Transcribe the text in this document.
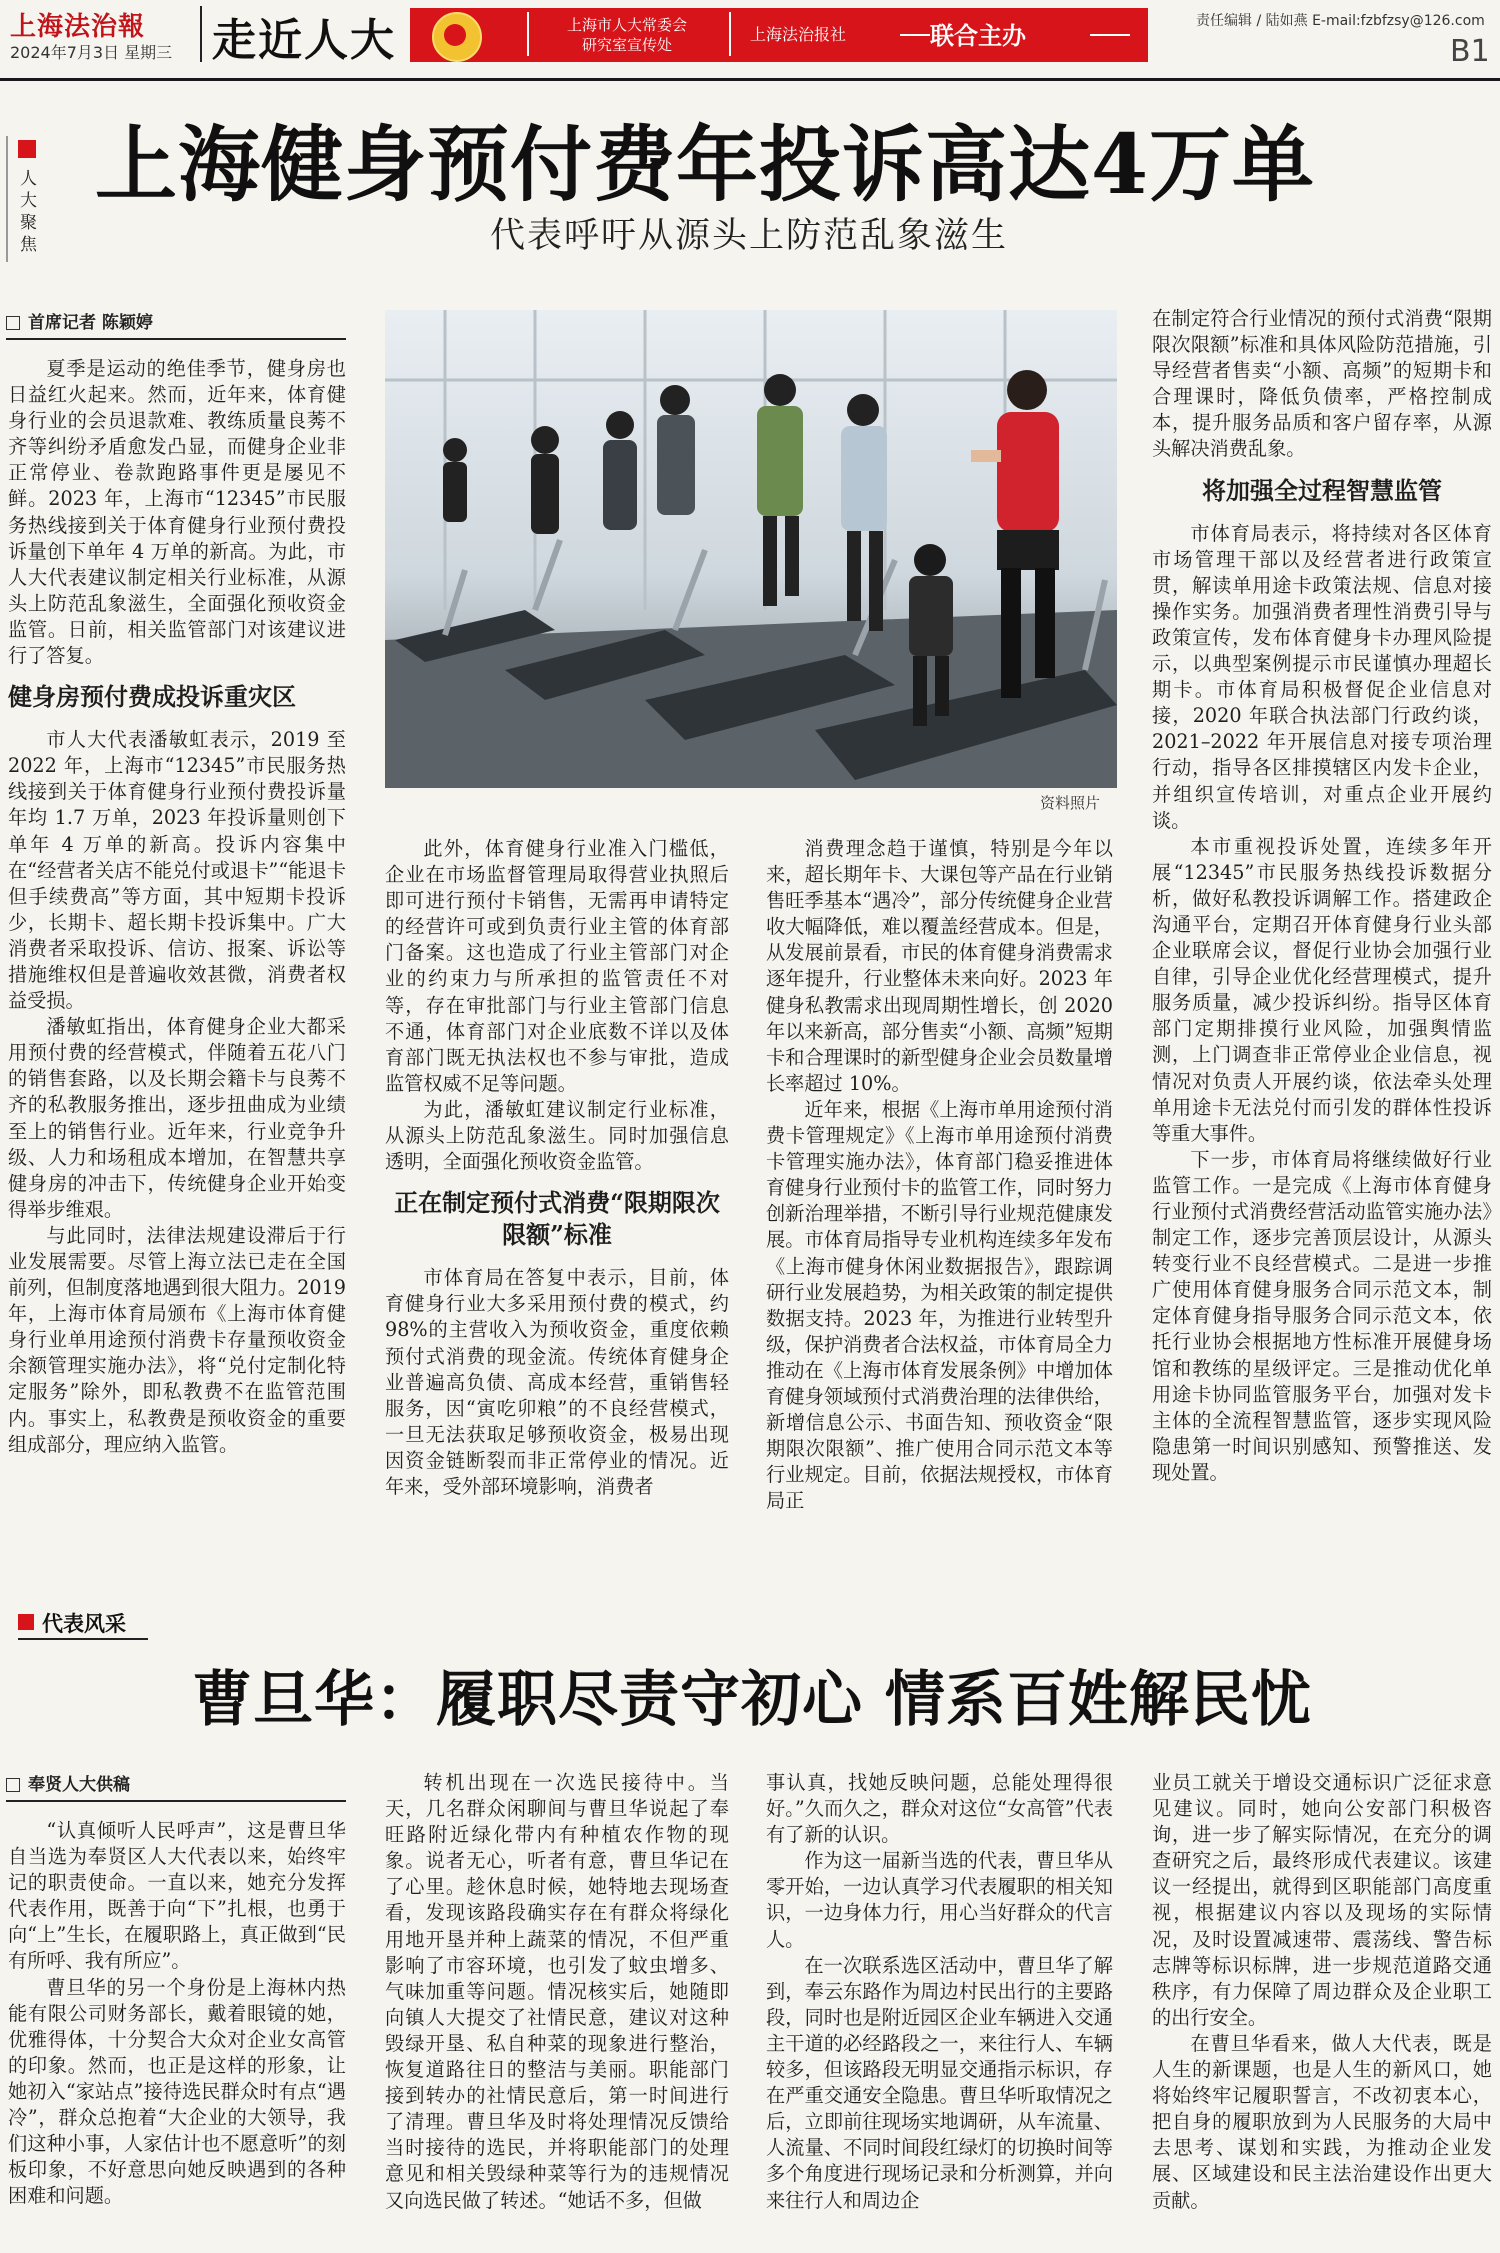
上海法治報
2024年7月3日 星期三 走近人大	上海市人大常委会
研究室宣传处
上海法治报社	联合主办	责任编辑 / 陆如燕 E-mail:fzbfzsy@126.com
B1
人大聚焦
上海健身预付费年投诉高达4万单
代表呼吁从源头上防范乱象滋生
首席记者 陈颖婷

夏季是运动的绝佳季节，健身房也日益红火起来。然而，近年来，体育健身行业的会员退款难、教练质量良莠不齐等纠纷矛盾愈发凸显，而健身企业非正常停业、卷款跑路事件更是屡见不鲜。2023 年，上海市“12345”市民服务热线接到关于体育健身行业预付费投诉量创下单年 4 万单的新高。为此，市人大代表建议制定相关行业标准，从源头上防范乱象滋生，全面强化预收资金监管。日前，相关监管部门对该建议进行了答复。

健身房预付费成投诉重灾区

市人大代表潘敏虹表示，2019 至 2022 年，上海市“12345”市民服务热线接到关于体育健身行业预付费投诉量年均 1.7 万单，2023 年投诉量则创下单年 4 万单的新高。投诉内容集中在“经营者关店不能兑付或退卡”“能退卡但手续费高”等方面，其中短期卡投诉少，长期卡、超长期卡投诉集中。广大消费者采取投诉、信访、报案、诉讼等措施维权但是普遍收效甚微，消费者权益受损。

潘敏虹指出，体育健身企业大都采用预付费的经营模式，伴随着五花八门的销售套路，以及长期会籍卡与良莠不齐的私教服务推出，逐步扭曲成为业绩至上的销售行业。近年来，行业竞争升级、人力和场租成本增加，在智慧共享健身房的冲击下，传统健身企业开始变得举步维艰。

与此同时，法律法规建设滞后于行业发展需要。尽管上海立法已走在全国前列，但制度落地遇到很大阻力。2019 年，上海市体育局颁布《上海市体育健身行业单用途预付消费卡存量预收资金余额管理实施办法》，将“兑付定制化特定服务”除外，即私教费不在监管范围内。事实上，私教费是预收资金的重要组成部分，理应纳入监管。

资料照片

此外，体育健身行业准入门槛低，企业在市场监督管理局取得营业执照后即可进行预付卡销售，无需再申请特定的经营许可或到负责行业主管的体育部门备案。这也造成了行业主管部门对企业的约束力与所承担的监管责任不对等，存在审批部门与行业主管部门信息不通，体育部门对企业底数不详以及体育部门既无执法权也不参与审批，造成监管权威不足等问题。

为此，潘敏虹建议制定行业标准，从源头上防范乱象滋生。同时加强信息透明，全面强化预收资金监管。

正在制定预付式消费“限期限次限额”标准

市体育局在答复中表示，目前，体育健身行业大多采用预付费的模式，约 98%的主营收入为预收资金，重度依赖预付式消费的现金流。传统体育健身企业普遍高负债、高成本经营，重销售轻服务，因“寅吃卯粮”的不良经营模式，一旦无法获取足够预收资金，极易出现因资金链断裂而非正常停业的情况。近年来，受外部环境影响，消费者

消费理念趋于谨慎，特别是今年以来，超长期年卡、大课包等产品在行业销售旺季基本“遇冷”，部分传统健身企业营收大幅降低，难以覆盖经营成本。但是，从发展前景看，市民的体育健身消费需求逐年提升，行业整体未来向好。2023 年健身私教需求出现周期性增长，创 2020 年以来新高，部分售卖“小额、高频”短期卡和合理课时的新型健身企业会员数量增长率超过 10%。

近年来，根据《上海市单用途预付消费卡管理规定》《上海市单用途预付消费卡管理实施办法》，体育部门稳妥推进体育健身行业预付卡的监管工作，同时努力创新治理举措，不断引导行业规范健康发展。市体育局指导专业机构连续多年发布《上海市健身休闲业数据报告》，跟踪调研行业发展趋势，为相关政策的制定提供数据支持。2023 年，为推进行业转型升级，保护消费者合法权益，市体育局全力推动在《上海市体育发展条例》中增加体育健身领域预付式消费治理的法律供给，新增信息公示、书面告知、预收资金“限期限次限额”、推广使用合同示范文本等行业规定。目前，依据法规授权，市体育局正

在制定符合行业情况的预付式消费“限期限次限额”标准和具体风险防范措施，引导经营者售卖“小额、高频”的短期卡和合理课时，降低负债率，严格控制成本，提升服务品质和客户留存率，从源头解决消费乱象。

将加强全过程智慧监管

市体育局表示，将持续对各区体育市场管理干部以及经营者进行政策宣贯，解读单用途卡政策法规、信息对接操作实务。加强消费者理性消费引导与政策宣传，发布体育健身卡办理风险提示，以典型案例提示市民谨慎办理超长期卡。市体育局积极督促企业信息对接，2020 年联合执法部门行政约谈，2021–2022 年开展信息对接专项治理行动，指导各区排摸辖区内发卡企业，并组织宣传培训，对重点企业开展约谈。

本市重视投诉处置，连续多年开展“12345”市民服务热线投诉数据分析，做好私教投诉调解工作。搭建政企沟通平台，定期召开体育健身行业头部企业联席会议，督促行业协会加强行业自律，引导企业优化经营理模式，提升服务质量，减少投诉纠纷。指导区体育部门定期排摸行业风险，加强舆情监测，上门调查非正常停业企业信息，视情况对负责人开展约谈，依法牵头处理单用途卡无法兑付而引发的群体性投诉等重大事件。

下一步，市体育局将继续做好行业监管工作。一是完成《上海市体育健身行业预付式消费经营活动监管实施办法》制定工作，逐步完善顶层设计，从源头转变行业不良经营模式。二是进一步推广使用体育健身服务合同示范文本，制定体育健身指导服务合同示范文本，依托行业协会根据地方性标准开展健身场馆和教练的星级评定。三是推动优化单用途卡协同监管服务平台，加强对发卡主体的全流程智慧监管，逐步实现风险隐患第一时间识别感知、预警推送、发现处置。

代表风采
曹旦华：履职尽责守初心 情系百姓解民忧
奉贤人大供稿

“认真倾听人民呼声”，这是曹旦华自当选为奉贤区人大代表以来，始终牢记的职责使命。一直以来，她充分发挥代表作用，既善于向“下”扎根，也勇于向“上”生长，在履职路上，真正做到“民有所呼、我有所应”。

曹旦华的另一个身份是上海林内热能有限公司财务部长，戴着眼镜的她，优雅得体，十分契合大众对企业女高管的印象。然而，也正是这样的形象，让她初入“家站点”接待选民群众时有点“遇冷”，群众总抱着“大企业的大领导，我们这种小事，人家估计也不愿意听”的刻板印象，不好意思向她反映遇到的各种困难和问题。

转机出现在一次选民接待中。当天，几名群众闲聊间与曹旦华说起了奉旺路附近绿化带内有种植农作物的现象。说者无心，听者有意，曹旦华记在了心里。趁休息时候，她特地去现场查看，发现该路段确实存在有群众将绿化用地开垦并种上蔬菜的情况，不但严重影响了市容环境，也引发了蚊虫增多、气味加重等问题。情况核实后，她随即向镇人大提交了社情民意，建议对这种毁绿开垦、私自种菜的现象进行整治，恢复道路往日的整洁与美丽。职能部门接到转办的社情民意后，第一时间进行了清理。曹旦华及时将处理情况反馈给当时接待的选民，并将职能部门的处理意见和相关毁绿种菜等行为的违规情况又向选民做了转述。“她话不多，但做

事认真，找她反映问题，总能处理得很好。”久而久之，群众对这位“女高管”代表有了新的认识。

作为这一届新当选的代表，曹旦华从零开始，一边认真学习代表履职的相关知识，一边身体力行，用心当好群众的代言人。

在一次联系选区活动中，曹旦华了解到，奉云东路作为周边村民出行的主要路段，同时也是附近园区企业车辆进入交通主干道的必经路段之一，来往行人、车辆较多，但该路段无明显交通指示标识，存在严重交通安全隐患。曹旦华听取情况之后，立即前往现场实地调研，从车流量、人流量、不同时间段红绿灯的切换时间等多个角度进行现场记录和分析测算，并向来往行人和周边企

业员工就关于增设交通标识广泛征求意见建议。同时，她向公安部门积极咨询，进一步了解实际情况，在充分的调查研究之后，最终形成代表建议。该建议一经提出，就得到区职能部门高度重视，根据建议内容以及现场的实际情况，及时设置减速带、震荡线、警告标志牌等标识标牌，进一步规范道路交通秩序，有力保障了周边群众及企业职工的出行安全。

在曹旦华看来，做人大代表，既是人生的新课题，也是人生的新风口，她将始终牢记履职誓言，不改初衷本心，把自身的履职放到为人民服务的大局中去思考、谋划和实践，为推动企业发展、区域建设和民主法治建设作出更大贡献。
